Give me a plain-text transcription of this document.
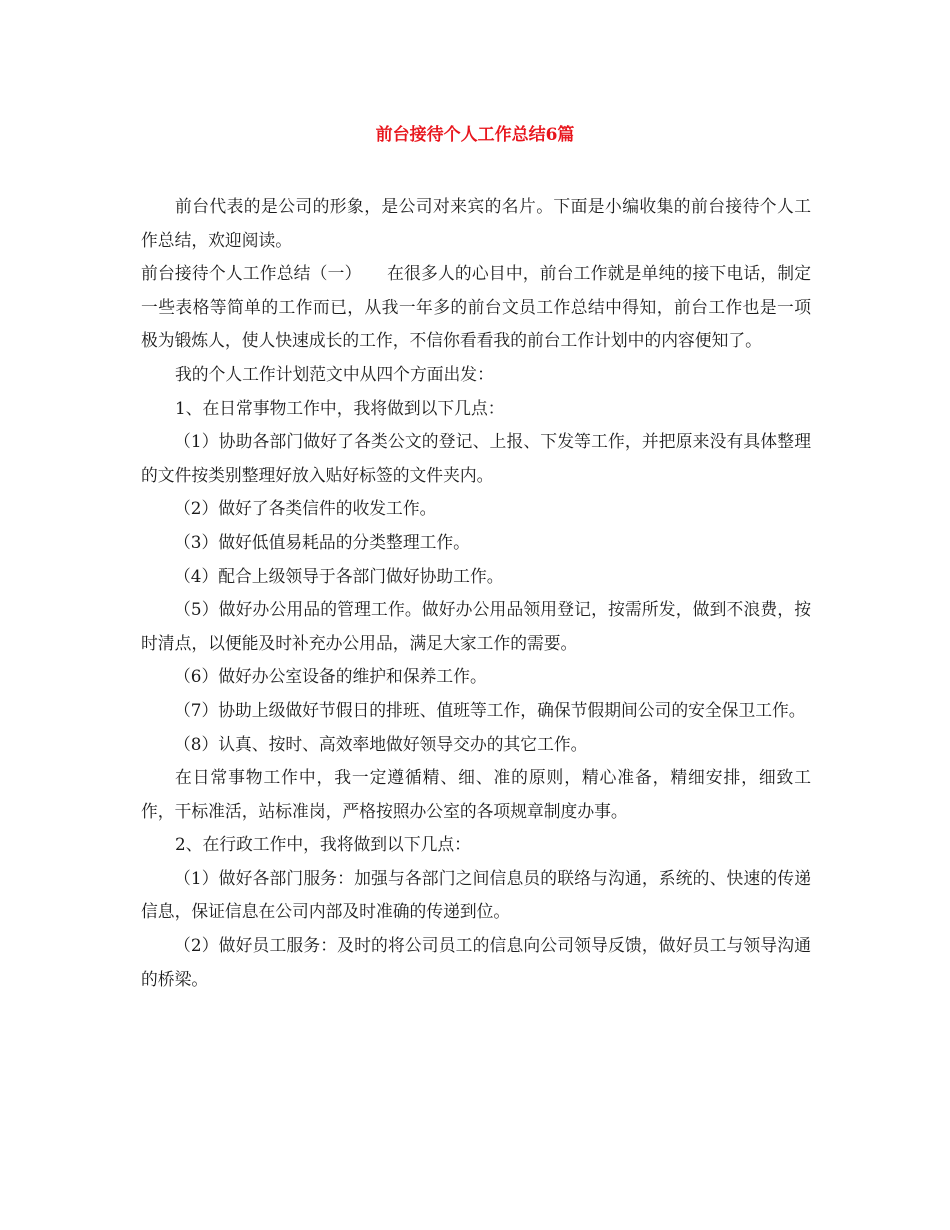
前台接待个人工作总结6篇

前台代表的是公司的形象，是公司对来宾的名片。下面是小编收集的前台接待个人工作总结，欢迎阅读。

前台接待个人工作总结（一）　　在很多人的心目中，前台工作就是单纯的接下电话，制定一些表格等简单的工作而已，从我一年多的前台文员工作总结中得知，前台工作也是一项极为锻炼人，使人快速成长的工作，不信你看看我的前台工作计划中的内容便知了。

我的个人工作计划范文中从四个方面出发：

1、在日常事物工作中，我将做到以下几点：

（1）协助各部门做好了各类公文的登记、上报、下发等工作，并把原来没有具体整理的文件按类别整理好放入贴好标签的文件夹内。

（2）做好了各类信件的收发工作。

（3）做好低值易耗品的分类整理工作。

（4）配合上级领导于各部门做好协助工作。

（5）做好办公用品的管理工作。做好办公用品领用登记，按需所发，做到不浪费，按时清点，以便能及时补充办公用品，满足大家工作的需要。

（6）做好办公室设备的维护和保养工作。

（7）协助上级做好节假日的排班、值班等工作，确保节假期间公司的安全保卫工作。

（8）认真、按时、高效率地做好领导交办的其它工作。

在日常事物工作中，我一定遵循精、细、准的原则，精心准备，精细安排，细致工作，干标准活，站标准岗，严格按照办公室的各项规章制度办事。

2、在行政工作中，我将做到以下几点：

（1）做好各部门服务：加强与各部门之间信息员的联络与沟通，系统的、快速的传递信息，保证信息在公司内部及时准确的传递到位。

（2）做好员工服务：及时的将公司员工的信息向公司领导反馈，做好员工与领导沟通的桥梁。
